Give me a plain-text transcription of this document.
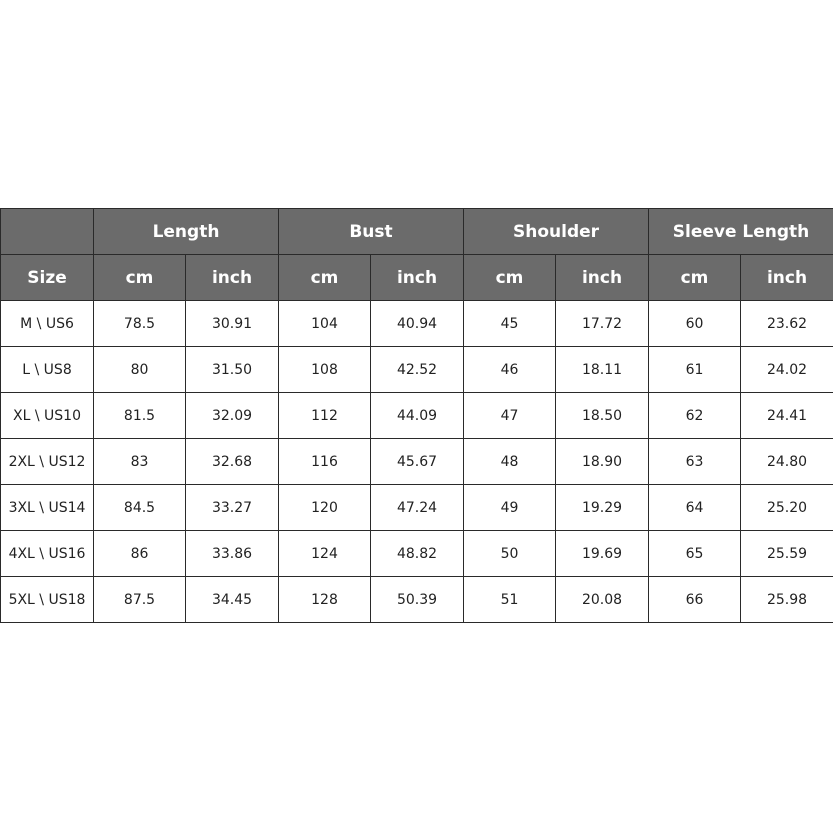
	Length		Bust		Shoulder		Sleeve Length	
Size	cm	inch	cm	inch	cm	inch	cm	inch
M \ US6	78.5	30.91	104	40.94	45	17.72	60	23.62
L \ US8	80	31.50	108	42.52	46	18.11	61	24.02
XL \ US10	81.5	32.09	112	44.09	47	18.50	62	24.41
2XL \ US12	83	32.68	116	45.67	48	18.90	63	24.80
3XL \ US14	84.5	33.27	120	47.24	49	19.29	64	25.20
4XL \ US16	86	33.86	124	48.82	50	19.69	65	25.59
5XL \ US18	87.5	34.45	128	50.39	51	20.08	66	25.98
